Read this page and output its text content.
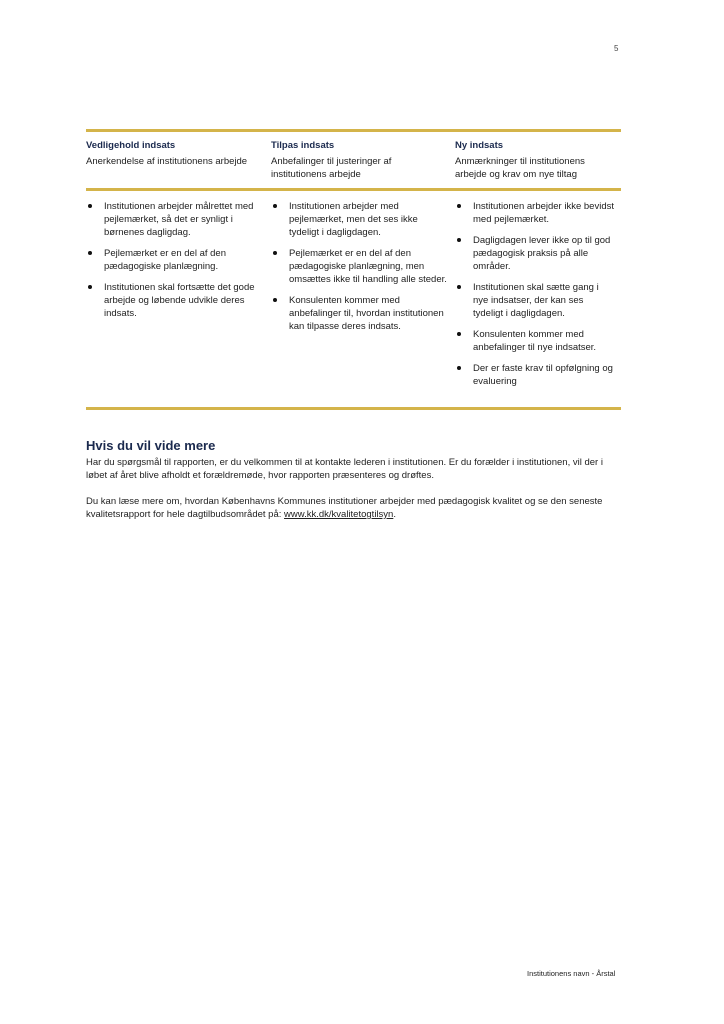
5
Vedligehold indsats
Anerkendelse af institutionens arbejde
Tilpas indsats
Anbefalinger til justeringer af institutionens arbejde
Ny indsats
Anmærkninger til institutionens arbejde og krav om nye tiltag
Institutionen arbejder målrettet med pejlemærket, så det er synligt i børnenes dagligdag.
Pejlemærket er en del af den pædagogiske planlægning.
Institutionen skal fortsætte det gode arbejde og løbende udvikle deres indsats.
Institutionen arbejder med pejlemærket, men det ses ikke tydeligt i dagligdagen.
Pejlemærket er en del af den pædagogiske planlægning, men omsættes ikke til handling alle steder.
Konsulenten kommer med anbefalinger til, hvordan institutionen kan tilpasse deres indsats.
Institutionen arbejder ikke bevidst med pejlemærket.
Dagligdagen lever ikke op til god pædagogisk praksis på alle områder.
Institutionen skal sætte gang i nye indsatser, der kan ses tydeligt i dagligdagen.
Konsulenten kommer med anbefalinger til nye indsatser.
Der er faste krav til opfølgning og evaluering
Hvis du vil vide mere

Har du spørgsmål til rapporten, er du velkommen til at kontakte lederen i institutionen. Er du forælder i institutionen, vil der i løbet af året blive afholdt et forældremøde, hvor rapporten præsenteres og drøftes.

Du kan læse mere om, hvordan Københavns Kommunes institutioner arbejder med pædagogisk kvalitet og se den seneste kvalitetsrapport for hele dagtilbudsområdet på: www.kk.dk/kvalitetogtilsyn.

Institutionens navn - Årstal
